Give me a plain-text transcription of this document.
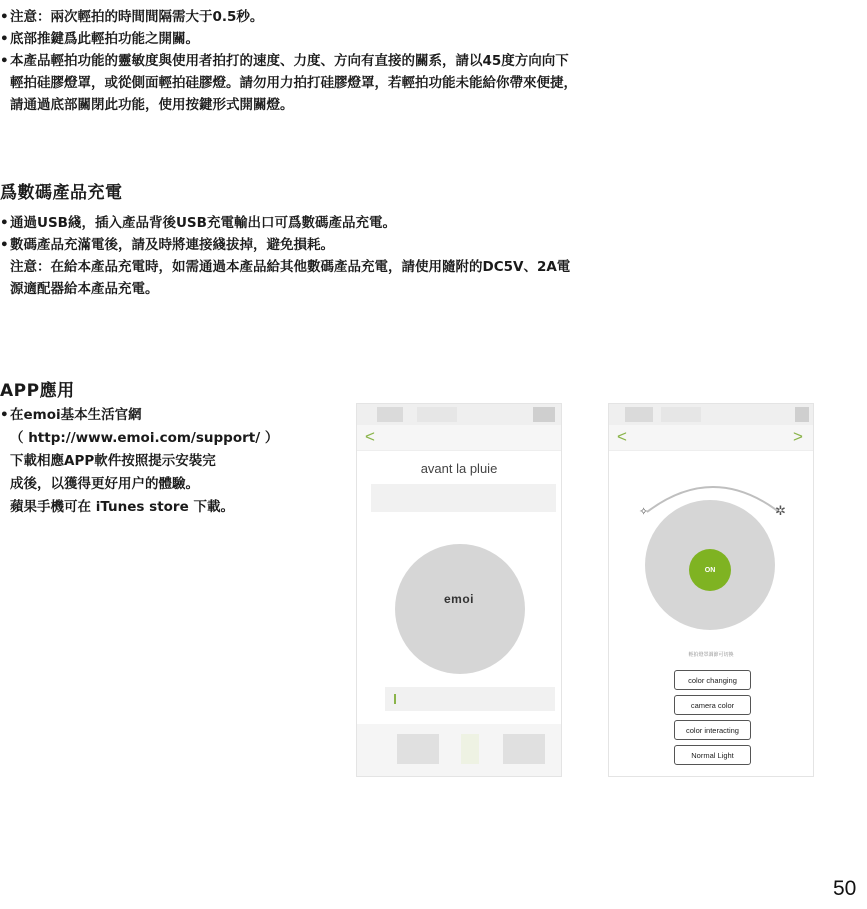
• 注意：兩次輕拍的時間間隔需大于0.5秒。
• 底部推鍵爲此輕拍功能之開關。
• 本產品輕拍功能的靈敏度與使用者拍打的速度、力度、方向有直接的關系，請以45度方向向下
輕拍硅膠燈罩，或從側面輕拍硅膠燈。請勿用力拍打硅膠燈罩，若輕拍功能未能給你帶來便捷，
請通過底部關閉此功能，使用按鍵形式開關燈。
爲數碼產品充電
• 通過USB綫，插入產品背後USB充電輸出口可爲數碼產品充電。
• 數碼產品充滿電後，請及時將連接綫拔掉，避免損耗。
注意：在給本產品充電時，如需通過本產品給其他數碼產品充電，請使用隨附的DC5V、2A電
源適配器給本產品充電。
APP應用
• 在emoi基本生活官網
（ http://www.emoi.com/support/ ）
下載相應APP軟件按照提示安裝完
成後，以獲得更好用户的體驗。
蘋果手機可在 iTunes store 下載。
<
avant la pluie
emoi
<	>
✧	✲
ON
輕拍燈罩調節可切換
color changing
camera color
color interacting
Normal Light
50
